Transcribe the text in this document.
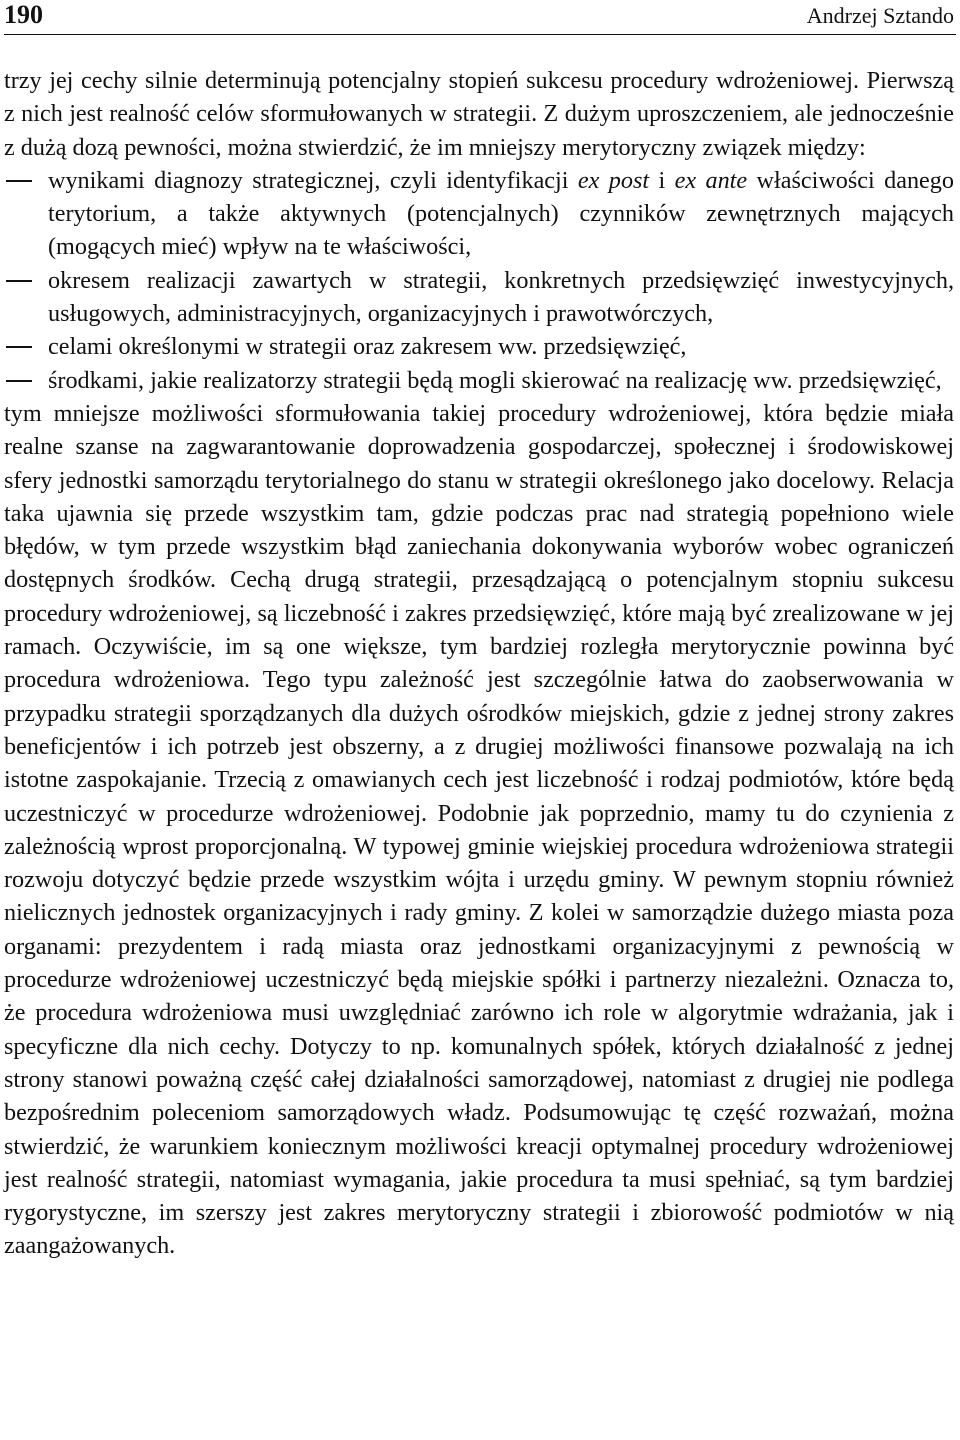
190	Andrzej Sztando

trzy jej cechy silnie determinują potencjalny stopień sukcesu procedury wdrożeniowej. Pierwszą z nich jest realność celów sformułowanych w strategii. Z dużym uproszczeniem, ale jednocześnie z dużą dozą pewności, można stwierdzić, że im mniejszy merytoryczny związek między:

wynikami diagnozy strategicznej, czyli identyfikacji ex post i ex ante właściwości danego terytorium, a także aktywnych (potencjalnych) czynników zewnętrznych mających (mogących mieć) wpływ na te właściwości,
okresem realizacji zawartych w strategii, konkretnych przedsięwzięć inwestycyjnych, usługowych, administracyjnych, organizacyjnych i prawotwórczych,
celami określonymi w strategii oraz zakresem ww. przedsięwzięć,
środkami, jakie realizatorzy strategii będą mogli skierować na realizację ww. przedsięwzięć,

tym mniejsze możliwości sformułowania takiej procedury wdrożeniowej, która będzie miała realne szanse na zagwarantowanie doprowadzenia gospodarczej, społecznej i środowiskowej sfery jednostki samorządu terytorialnego do stanu w strategii określonego jako docelowy. Relacja taka ujawnia się przede wszystkim tam, gdzie podczas prac nad strategią popełniono wiele błędów, w tym przede wszystkim błąd zaniechania dokonywania wyborów wobec ograniczeń dostępnych środków. Cechą drugą strategii, przesądzającą o potencjalnym stopniu sukcesu procedury wdrożeniowej, są liczebność i zakres przedsięwzięć, które mają być zrealizowane w jej ramach. Oczywiście, im są one większe, tym bardziej rozległa merytorycznie powinna być procedura wdrożeniowa. Tego typu zależność jest szczególnie łatwa do zaobserwowania w przypadku strategii sporządzanych dla dużych ośrodków miejskich, gdzie z jednej strony zakres beneficjentów i ich potrzeb jest obszerny, a z drugiej możliwości finansowe pozwalają na ich istotne zaspokajanie. Trzecią z omawianych cech jest liczebność i rodzaj podmiotów, które będą uczestniczyć w procedurze wdrożeniowej. Podobnie jak poprzednio, mamy tu do czynienia z zależnością wprost proporcjonalną. W typowej gminie wiejskiej procedura wdrożeniowa strategii rozwoju dotyczyć będzie przede wszystkim wójta i urzędu gminy. W pewnym stopniu również nielicznych jednostek organizacyjnych i rady gminy. Z kolei w samorządzie dużego miasta poza organami: prezydentem i radą miasta oraz jednostkami organizacyjnymi z pewnością w procedurze wdrożeniowej uczestniczyć będą miejskie spółki i partnerzy niezależni. Oznacza to, że procedura wdrożeniowa musi uwzględniać zarówno ich role w algorytmie wdrażania, jak i specyficzne dla nich cechy. Dotyczy to np. komunalnych spółek, których działalność z jednej strony stanowi poważną część całej działalności samorządowej, natomiast z drugiej nie podlega bezpośrednim poleceniom samorządowych władz. Podsumowując tę część rozważań, można stwierdzić, że warunkiem koniecznym możliwości kreacji optymalnej procedury wdrożeniowej jest realność strategii, natomiast wymagania, jakie procedura ta musi spełniać, są tym bardziej rygorystyczne, im szerszy jest zakres merytoryczny strategii i zbiorowość podmiotów w nią zaangażowanych.
